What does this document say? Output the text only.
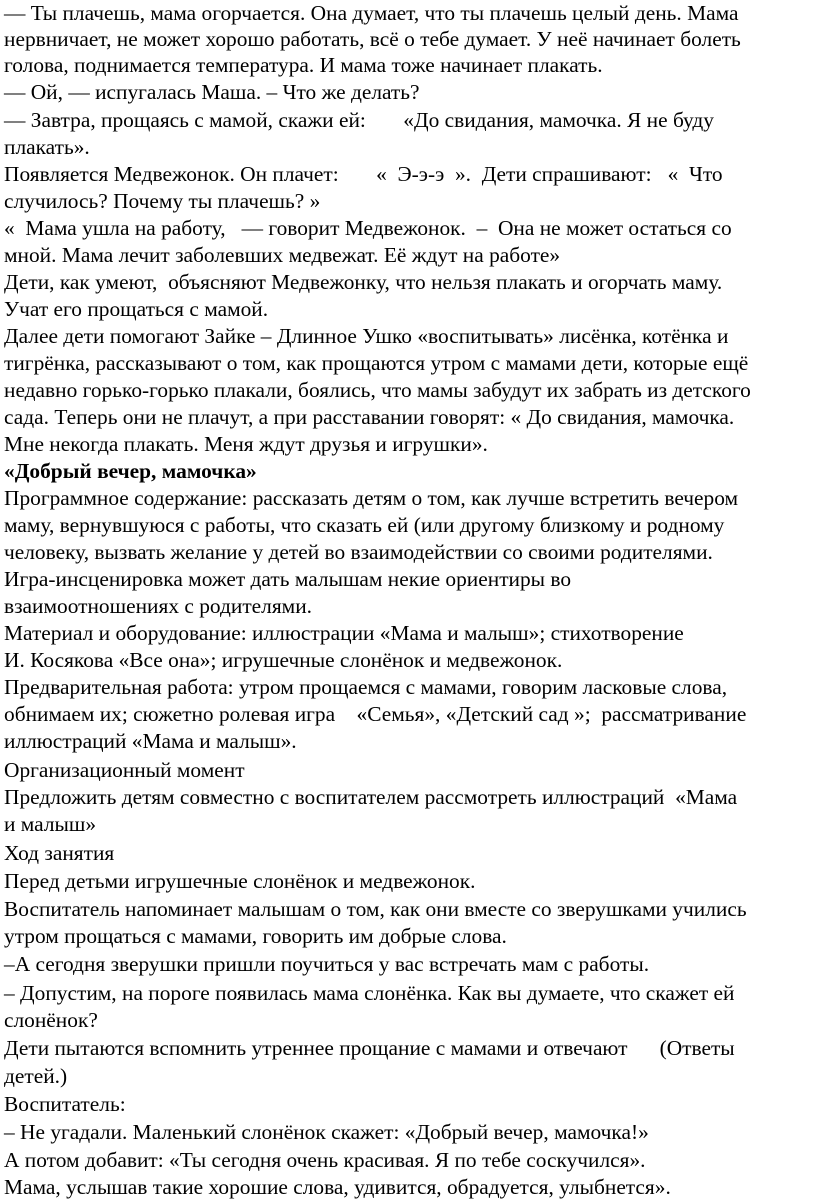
— Ты плачешь, мама огорчается. Она думает, что ты плачешь целый день. Мама
нервничает, не может хорошо работать, всё о тебе думает. У неё начинает болеть
голова, поднимается температура. И мама тоже начинает плакать.
— Ой, — испугалась Маша. – Что же делать?
— Завтра, прощаясь с мамой, скажи ей:       «До свидания, мамочка. Я не буду
плакать».
Появляется Медвежонок. Он плачет:       «  Э-э-э  ».  Дети спрашивают:   «  Что
случилось? Почему ты плачешь? »
«  Мама ушла на работу,   — говорит Медвежонок.  –  Она не может остаться со
мной. Мама лечит заболевших медвежат. Её ждут на работе»
Дети, как умеют,  объясняют Медвежонку, что нельзя плакать и огорчать маму.
Учат его прощаться с мамой.
Далее дети помогают Зайке – Длинное Ушко «воспитывать» лисёнка, котёнка и
тигрёнка, рассказывают о том, как прощаются утром с мамами дети, которые ещё
недавно горько-горько плакали, боялись, что мамы забудут их забрать из детского
сада. Теперь они не плачут, а при расставании говорят: « До свидания, мамочка.
Мне некогда плакать. Меня ждут друзья и игрушки».
«Добрый вечер, мамочка»
Программное содержание: рассказать детям о том, как лучше встретить вечером
маму, вернувшуюся с работы, что сказать ей (или другому близкому и родному
человеку, вызвать желание у детей во взаимодействии со своими родителями.
Игра-инсценировка может дать малышам некие ориентиры во
взаимоотношениях с родителями.
Материал и оборудование: иллюстрации «Мама и малыш»; стихотворение
И. Косякова «Все она»; игрушечные слонёнок и медвежонок.
Предварительная работа: утром прощаемся с мамами, говорим ласковые слова,
обнимаем их; сюжетно ролевая игра    «Семья», «Детский сад »;  рассматривание
иллюстраций «Мама и малыш».
Организационный момент
Предложить детям совместно с воспитателем рассмотреть иллюстраций  «Мама
и малыш»
Ход занятия
Перед детьми игрушечные слонёнок и медвежонок.
Воспитатель напоминает малышам о том, как они вместе со зверушками учились
утром прощаться с мамами, говорить им добрые слова.
–А сегодня зверушки пришли поучиться у вас встречать мам с работы.
– Допустим, на пороге появилась мама слонёнка. Как вы думаете, что скажет ей
слонёнок?
Дети пытаются вспомнить утреннее прощание с мамами и отвечают      (Ответы
детей.)
Воспитатель:
– Не угадали. Маленький слонёнок скажет: «Добрый вечер, мамочка!»
А потом добавит: «Ты сегодня очень красивая. Я по тебе соскучился».
Мама, услышав такие хорошие слова, удивится, обрадуется, улыбнется».
